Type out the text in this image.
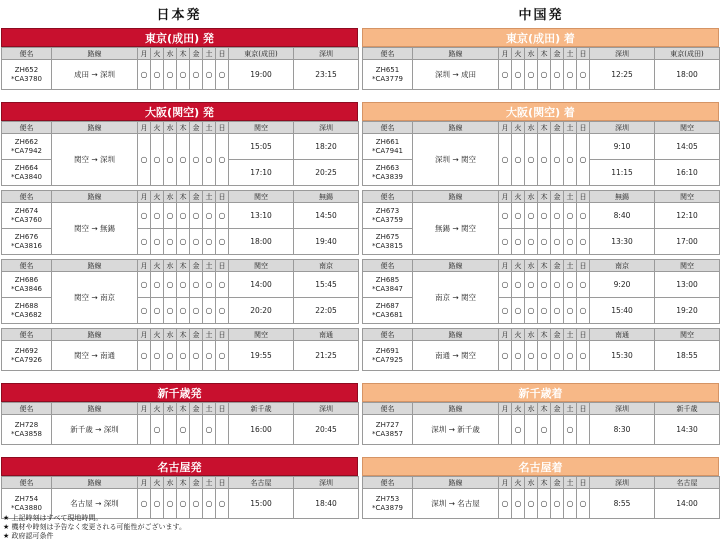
日本発	中国発
東京(成田) 発
便名	路線	月	火	水	木	金	土	日	東京(成田)	深圳

ZH652
*CA3780	成田 → 深圳	○	○	○	○	○	○	○	19:00	23:15
大阪(関空) 発
便名	路線	月	火	水	木	金	土	日	関空	深圳

ZH662
*CA7942	関空 → 深圳	○	○	○	○	○	○	○	15:05	18:20

ZH664
*CA3840									17:10	20:25
便名	路線	月	火	水	木	金	土	日	関空	無錫

ZH674
*CA3760	関空 → 無錫	○	○	○	○	○	○	○	13:10	14:50

ZH676
*CA3816		○	○	○	○	○	○	○	18:00	19:40
便名	路線	月	火	水	木	金	土	日	関空	南京

ZH686
*CA3846	関空 → 南京	○	○	○	○	○	○	○	14:00	15:45

ZH688
*CA3682		○	○	○	○	○	○	○	20:20	22:05
便名	路線	月	火	水	木	金	土	日	関空	南通

ZH692
*CA7926	関空 → 南通	○	○	○	○	○	○	○	19:55	21:25
新千歳発
便名	路線	月	火	水	木	金	土	日	新千歳	深圳

ZH728
*CA3858	新千歳 → 深圳		○		○		○		16:00	20:45
名古屋発
便名	路線	月	火	水	木	金	土	日	名古屋	深圳

ZH754
*CA3880	名古屋 → 深圳	○	○	○	○	○	○	○	15:00	18:40
東京(成田) 着
便名	路線	月	火	水	木	金	土	日	深圳	東京(成田)

ZH651
*CA3779	深圳 → 成田	○	○	○	○	○	○	○	12:25	18:00
大阪(関空) 着
便名	路線	月	火	水	木	金	土	日	深圳	関空

ZH661
*CA7941	深圳 → 関空	○	○	○	○	○	○	○	9:10	14:05

ZH663
*CA3839									11:15	16:10
便名	路線	月	火	水	木	金	土	日	無錫	関空

ZH673
*CA3759	無錫 → 関空	○	○	○	○	○	○	○	8:40	12:10

ZH675
*CA3815		○	○	○	○	○	○	○	13:30	17:00
便名	路線	月	火	水	木	金	土	日	南京	関空

ZH685
*CA3847	南京 → 関空	○	○	○	○	○	○	○	9:20	13:00

ZH687
*CA3681		○	○	○	○	○	○	○	15:40	19:20
便名	路線	月	火	水	木	金	土	日	南通	関空

ZH691
*CA7925	南通 → 関空	○	○	○	○	○	○	○	15:30	18:55
新千歳着
便名	路線	月	火	水	木	金	土	日	深圳	新千歳

ZH727
*CA3857	深圳 → 新千歳		○		○		○		8:30	14:30
名古屋着
便名	路線	月	火	水	木	金	土	日	深圳	名古屋

ZH753
*CA3879	深圳 → 名古屋	○	○	○	○	○	○	○	8:55	14:00
★ 上記時刻はすべて現地時間。
★ 機材や時刻は予告なく変更される可能性がございます。
★ 政府認可条件
